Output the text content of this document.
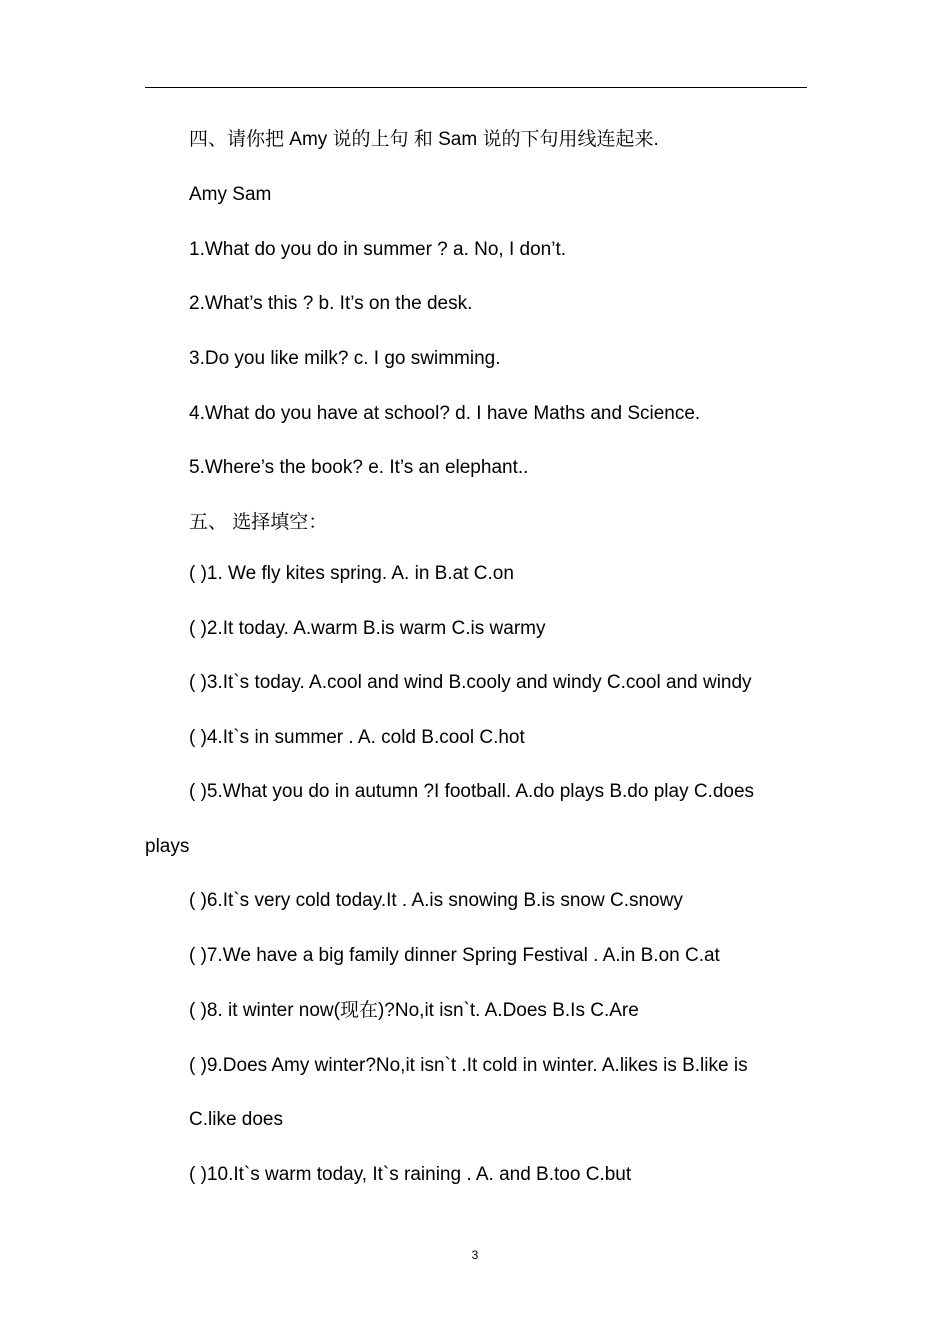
四、请你把 Amy 说的上句 和 Sam 说的下句用线连起来.
Amy Sam
1.What do you do in summer ? a. No, I don’t.
2.What’s this ? b. It’s on the desk.
3.Do you like milk? c. I go swimming.
4.What do you have at school? d. I have Maths and Science.
5.Where’s the book? e. It’s an elephant..
五、 选择填空：
( )1. We fly kites spring. A. in B.at C.on
( )2.It today. A.warm B.is warm C.is warmy
( )3.It`s today. A.cool and wind B.cooly and windy C.cool and windy
( )4.It`s in summer . A. cold B.cool C.hot
( )5.What you do in autumn ?I football. A.do plays B.do play C.does
plays
( )6.It`s very cold today.It . A.is snowing B.is snow C.snowy
( )7.We have a big family dinner Spring Festival . A.in B.on C.at
( )8. it winter now(现在)?No,it isn`t. A.Does B.Is C.Are
( )9.Does Amy winter?No,it isn`t .It cold in winter. A.likes is B.like is
C.like does
( )10.It`s warm today, It`s raining . A. and B.too C.but
3
